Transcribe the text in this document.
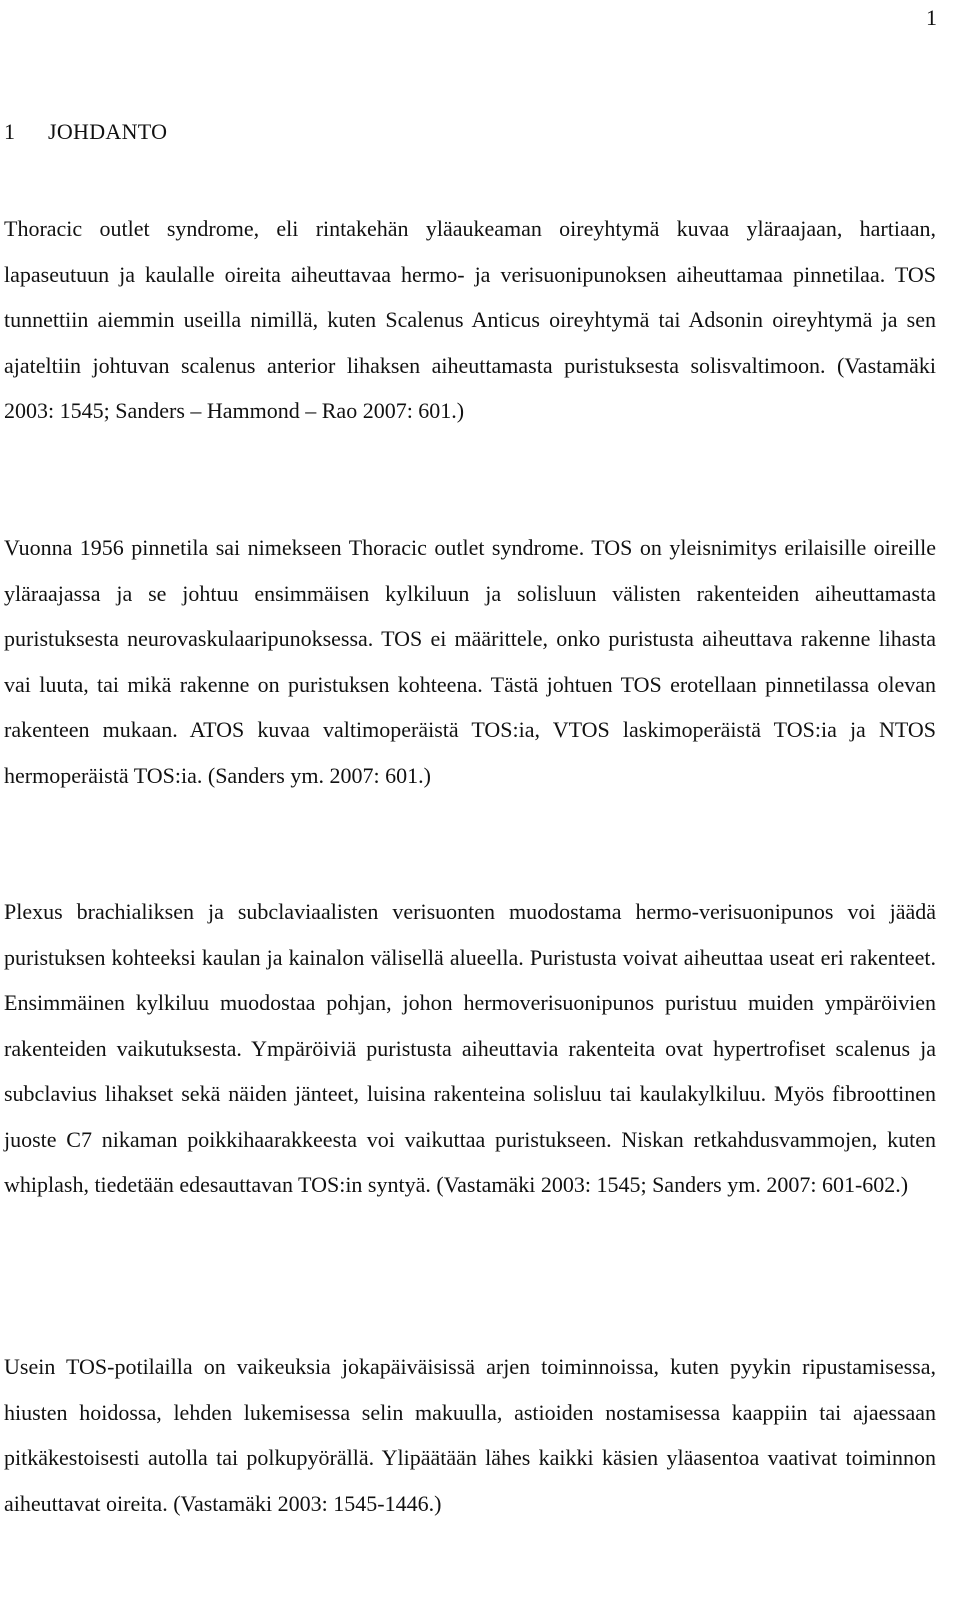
1
1 JOHDANTO

Thoracic outlet syndrome, eli rintakehän yläaukeaman oireyhtymä kuvaa yläraajaan, hartiaan, lapaseutuun ja kaulalle oireita aiheuttavaa hermo- ja verisuonipunoksen aiheuttamaa pinnetilaa. TOS tunnettiin aiemmin useilla nimillä, kuten Scalenus Anticus oireyhtymä tai Adsonin oireyhtymä ja sen ajateltiin johtuvan scalenus anterior lihaksen aiheuttamasta puristuksesta solisvaltimoon. (Vastamäki 2003: 1545; Sanders – Hammond – Rao 2007: 601.)

Vuonna 1956 pinnetila sai nimekseen Thoracic outlet syndrome. TOS on yleisnimitys erilaisille oireille yläraajassa ja se johtuu ensimmäisen kylkiluun ja solisluun välisten rakenteiden aiheuttamasta puristuksesta neurovaskulaaripunoksessa. TOS ei määrittele, onko puristusta aiheuttava rakenne lihasta vai luuta, tai mikä rakenne on puristuksen kohteena. Tästä johtuen TOS erotellaan pinnetilassa olevan rakenteen mukaan. ATOS kuvaa valtimoperäistä TOS:ia, VTOS laskimoperäistä TOS:ia ja NTOS hermoperäistä TOS:ia. (Sanders ym. 2007: 601.)

Plexus brachialiksen ja subclaviaalisten verisuonten muodostama hermo-verisuonipunos voi jäädä puristuksen kohteeksi kaulan ja kainalon välisellä alueella. Puristusta voivat aiheuttaa useat eri rakenteet. Ensimmäinen kylkiluu muodostaa pohjan, johon hermoverisuonipunos puristuu muiden ympäröivien rakenteiden vaikutuksesta. Ympäröiviä puristusta aiheuttavia rakenteita ovat hypertrofiset scalenus ja subclavius lihakset sekä näiden jänteet, luisina rakenteina solisluu tai kaulakylkiluu. Myös fibroottinen juoste C7 nikaman poikkihaarakkeesta voi vaikuttaa puristukseen. Niskan retkahdusvammojen, kuten whiplash, tiedetään edesauttavan TOS:in syntyä. (Vastamäki 2003: 1545; Sanders ym. 2007: 601-602.)

Usein TOS-potilailla on vaikeuksia jokapäiväisissä arjen toiminnoissa, kuten pyykin ripustamisessa, hiusten hoidossa, lehden lukemisessa selin makuulla, astioiden nostamisessa kaappiin tai ajaessaan pitkäkestoisesti autolla tai polkupyörällä. Ylipäätään lähes kaikki käsien yläasentoa vaativat toiminnon aiheuttavat oireita. (Vastamäki 2003: 1545-1446.)
